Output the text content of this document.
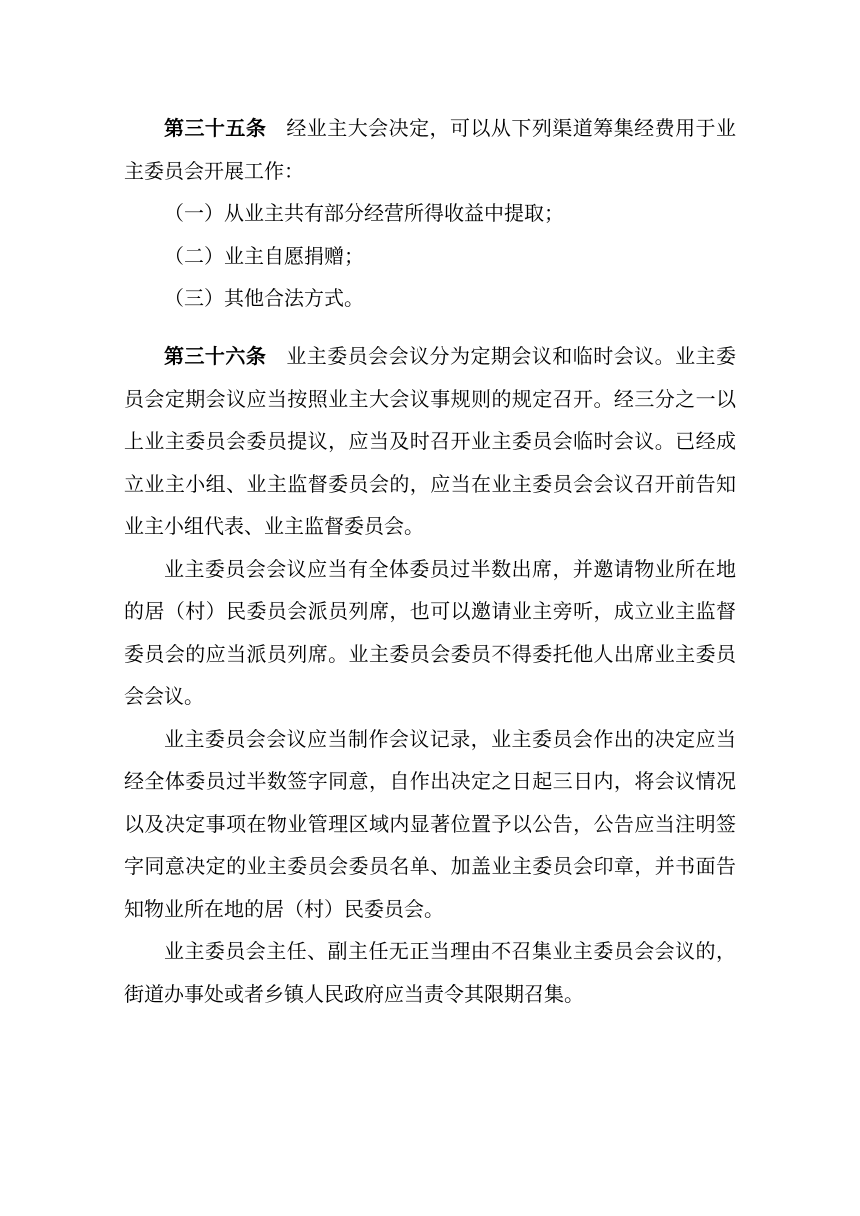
第三十五条 经业主大会决定，可以从下列渠道筹集经费用于业主委员会开展工作：

（一）从业主共有部分经营所得收益中提取；

（二）业主自愿捐赠；

（三）其他合法方式。

第三十六条 业主委员会会议分为定期会议和临时会议。业主委员会定期会议应当按照业主大会议事规则的规定召开。经三分之一以上业主委员会委员提议，应当及时召开业主委员会临时会议。已经成立业主小组、业主监督委员会的，应当在业主委员会会议召开前告知业主小组代表、业主监督委员会。

业主委员会会议应当有全体委员过半数出席，并邀请物业所在地的居（村）民委员会派员列席，也可以邀请业主旁听，成立业主监督委员会的应当派员列席。业主委员会委员不得委托他人出席业主委员会会议。

业主委员会会议应当制作会议记录，业主委员会作出的决定应当经全体委员过半数签字同意，自作出决定之日起三日内，将会议情况以及决定事项在物业管理区域内显著位置予以公告，公告应当注明签字同意决定的业主委员会委员名单、加盖业主委员会印章，并书面告知物业所在地的居（村）民委员会。

业主委员会主任、副主任无正当理由不召集业主委员会会议的，街道办事处或者乡镇人民政府应当责令其限期召集。
